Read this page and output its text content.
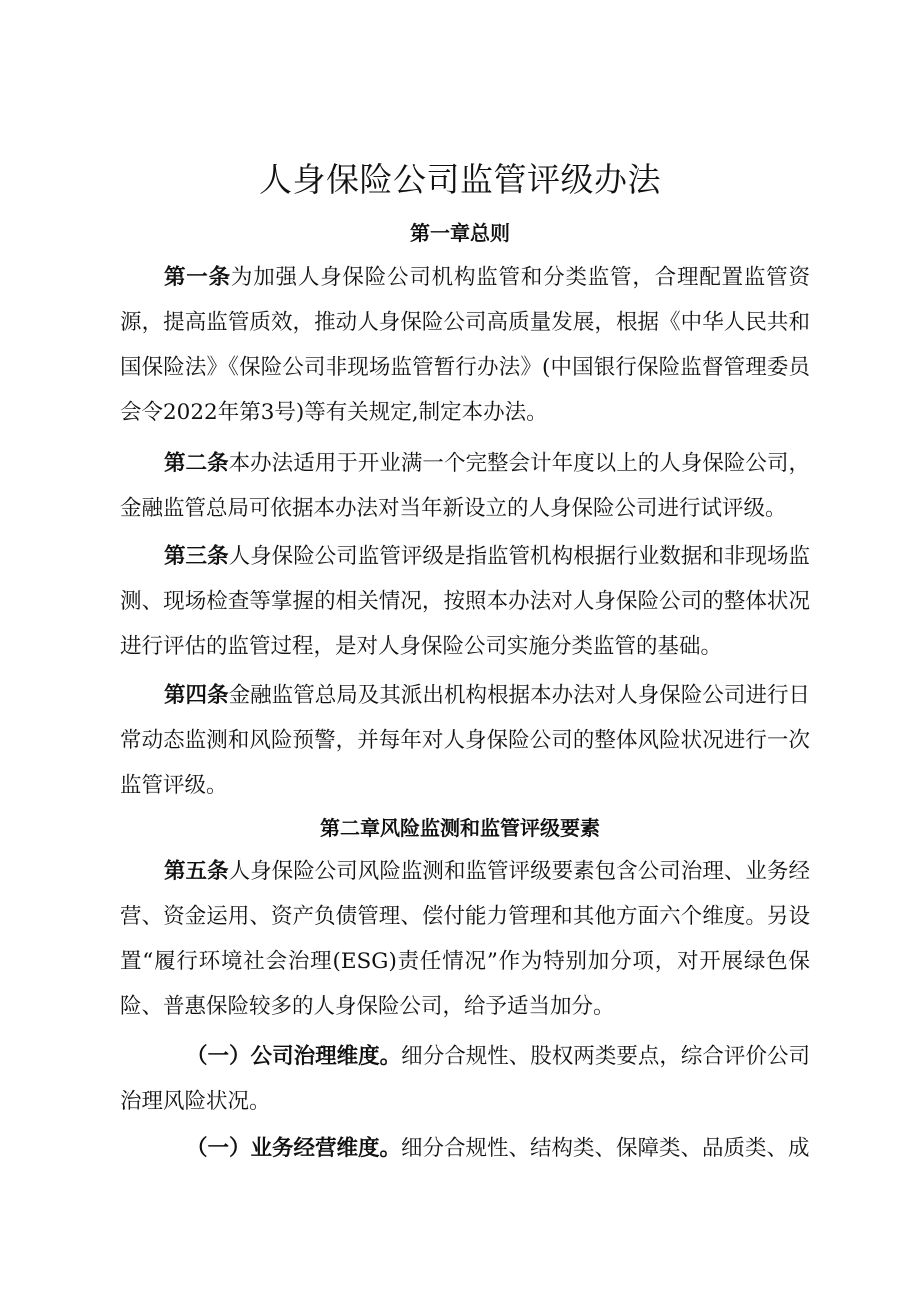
人身保险公司监管评级办法
第一章总则

第一条为加强人身保险公司机构监管和分类监管，合理配置监管资源，提高监管质效，推动人身保险公司高质量发展，根据《中华人民共和国保险法》《保险公司非现场监管暂行办法》(中国银行保险监督管理委员会令2022年第3号)等有关规定,制定本办法。

第二条本办法适用于开业满一个完整会计年度以上的人身保险公司，金融监管总局可依据本办法对当年新设立的人身保险公司进行试评级。

第三条人身保险公司监管评级是指监管机构根据行业数据和非现场监测、现场检查等掌握的相关情况，按照本办法对人身保险公司的整体状况进行评估的监管过程，是对人身保险公司实施分类监管的基础。

第四条金融监管总局及其派出机构根据本办法对人身保险公司进行日常动态监测和风险预警，并每年对人身保险公司的整体风险状况进行一次监管评级。

第二章风险监测和监管评级要素

第五条人身保险公司风险监测和监管评级要素包含公司治理、业务经营、资金运用、资产负债管理、偿付能力管理和其他方面六个维度。另设置“履行环境社会治理(ESG)责任情况”作为特别加分项，对开展绿色保险、普惠保险较多的人身保险公司，给予适当加分。

（一）公司治理维度。细分合规性、股权两类要点，综合评价公司治理风险状况。

（一）业务经营维度。细分合规性、结构类、保障类、品质类、成
